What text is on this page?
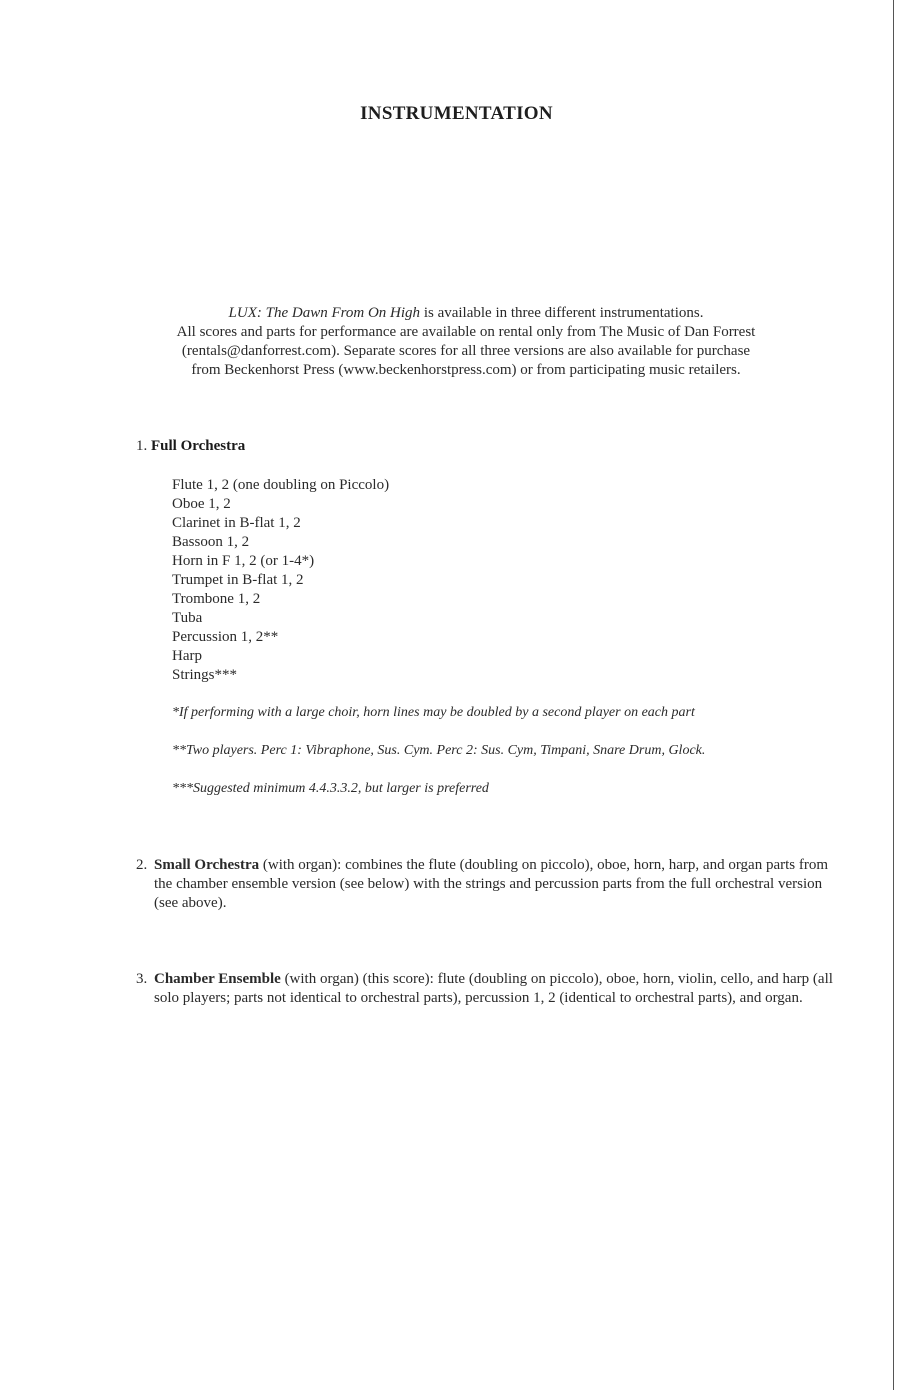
INSTRUMENTATION
LUX: The Dawn From On High is available in three different instrumentations.
All scores and parts for performance are available on rental only from The Music of Dan Forrest
(rentals@danforrest.com). Separate scores for all three versions are also available for purchase
from Beckenhorst Press (www.beckenhorstpress.com) or from participating music retailers.
1. Full Orchestra
Flute 1, 2 (one doubling on Piccolo)
Oboe 1, 2
Clarinet in B-flat 1, 2
Bassoon 1, 2
Horn in F 1, 2 (or 1-4*)
Trumpet in B-flat 1, 2
Trombone 1, 2
Tuba
Percussion 1, 2**
Harp
Strings***
*If performing with a large choir, horn lines may be doubled by a second player on each part
**Two players. Perc 1: Vibraphone, Sus. Cym. Perc 2: Sus. Cym, Timpani, Snare Drum, Glock.
***Suggested minimum 4.4.3.3.2, but larger is preferred
2. Small Orchestra (with organ): combines the flute (doubling on piccolo), oboe, horn, harp, and organ parts from the chamber ensemble version (see below) with the strings and percussion parts from the full orchestral version (see above).
3. Chamber Ensemble (with organ) (this score): flute (doubling on piccolo), oboe, horn, violin, cello, and harp (all solo players; parts not identical to orchestral parts), percussion 1, 2 (identical to orchestral parts), and organ.
